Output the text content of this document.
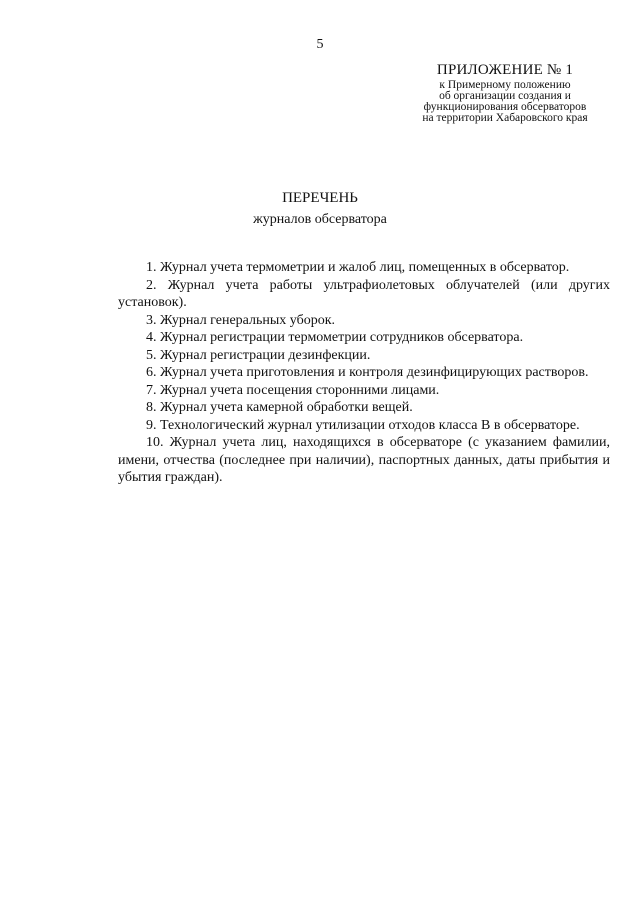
5
ПРИЛОЖЕНИЕ № 1
к Примерному положению
об организации создания и
функционирования обсерваторов
на территории Хабаровского края
ПЕРЕЧЕНЬ
журналов обсерватора

1. Журнал учета термометрии и жалоб лиц, помещенных в обсерватор.

2. Журнал учета работы ультрафиолетовых облучателей (или других установок).

3. Журнал генеральных уборок.

4. Журнал регистрации термометрии сотрудников обсерватора.

5. Журнал регистрации дезинфекции.

6. Журнал учета приготовления и контроля дезинфицирующих растворов.

7. Журнал учета посещения сторонними лицами.

8. Журнал учета камерной обработки вещей.

9. Технологический журнал утилизации отходов класса В в обсерваторе.

10. Журнал учета лиц, находящихся в обсерваторе (с указанием фамилии, имени, отчества (последнее при наличии), паспортных данных, даты прибытия и убытия граждан).
